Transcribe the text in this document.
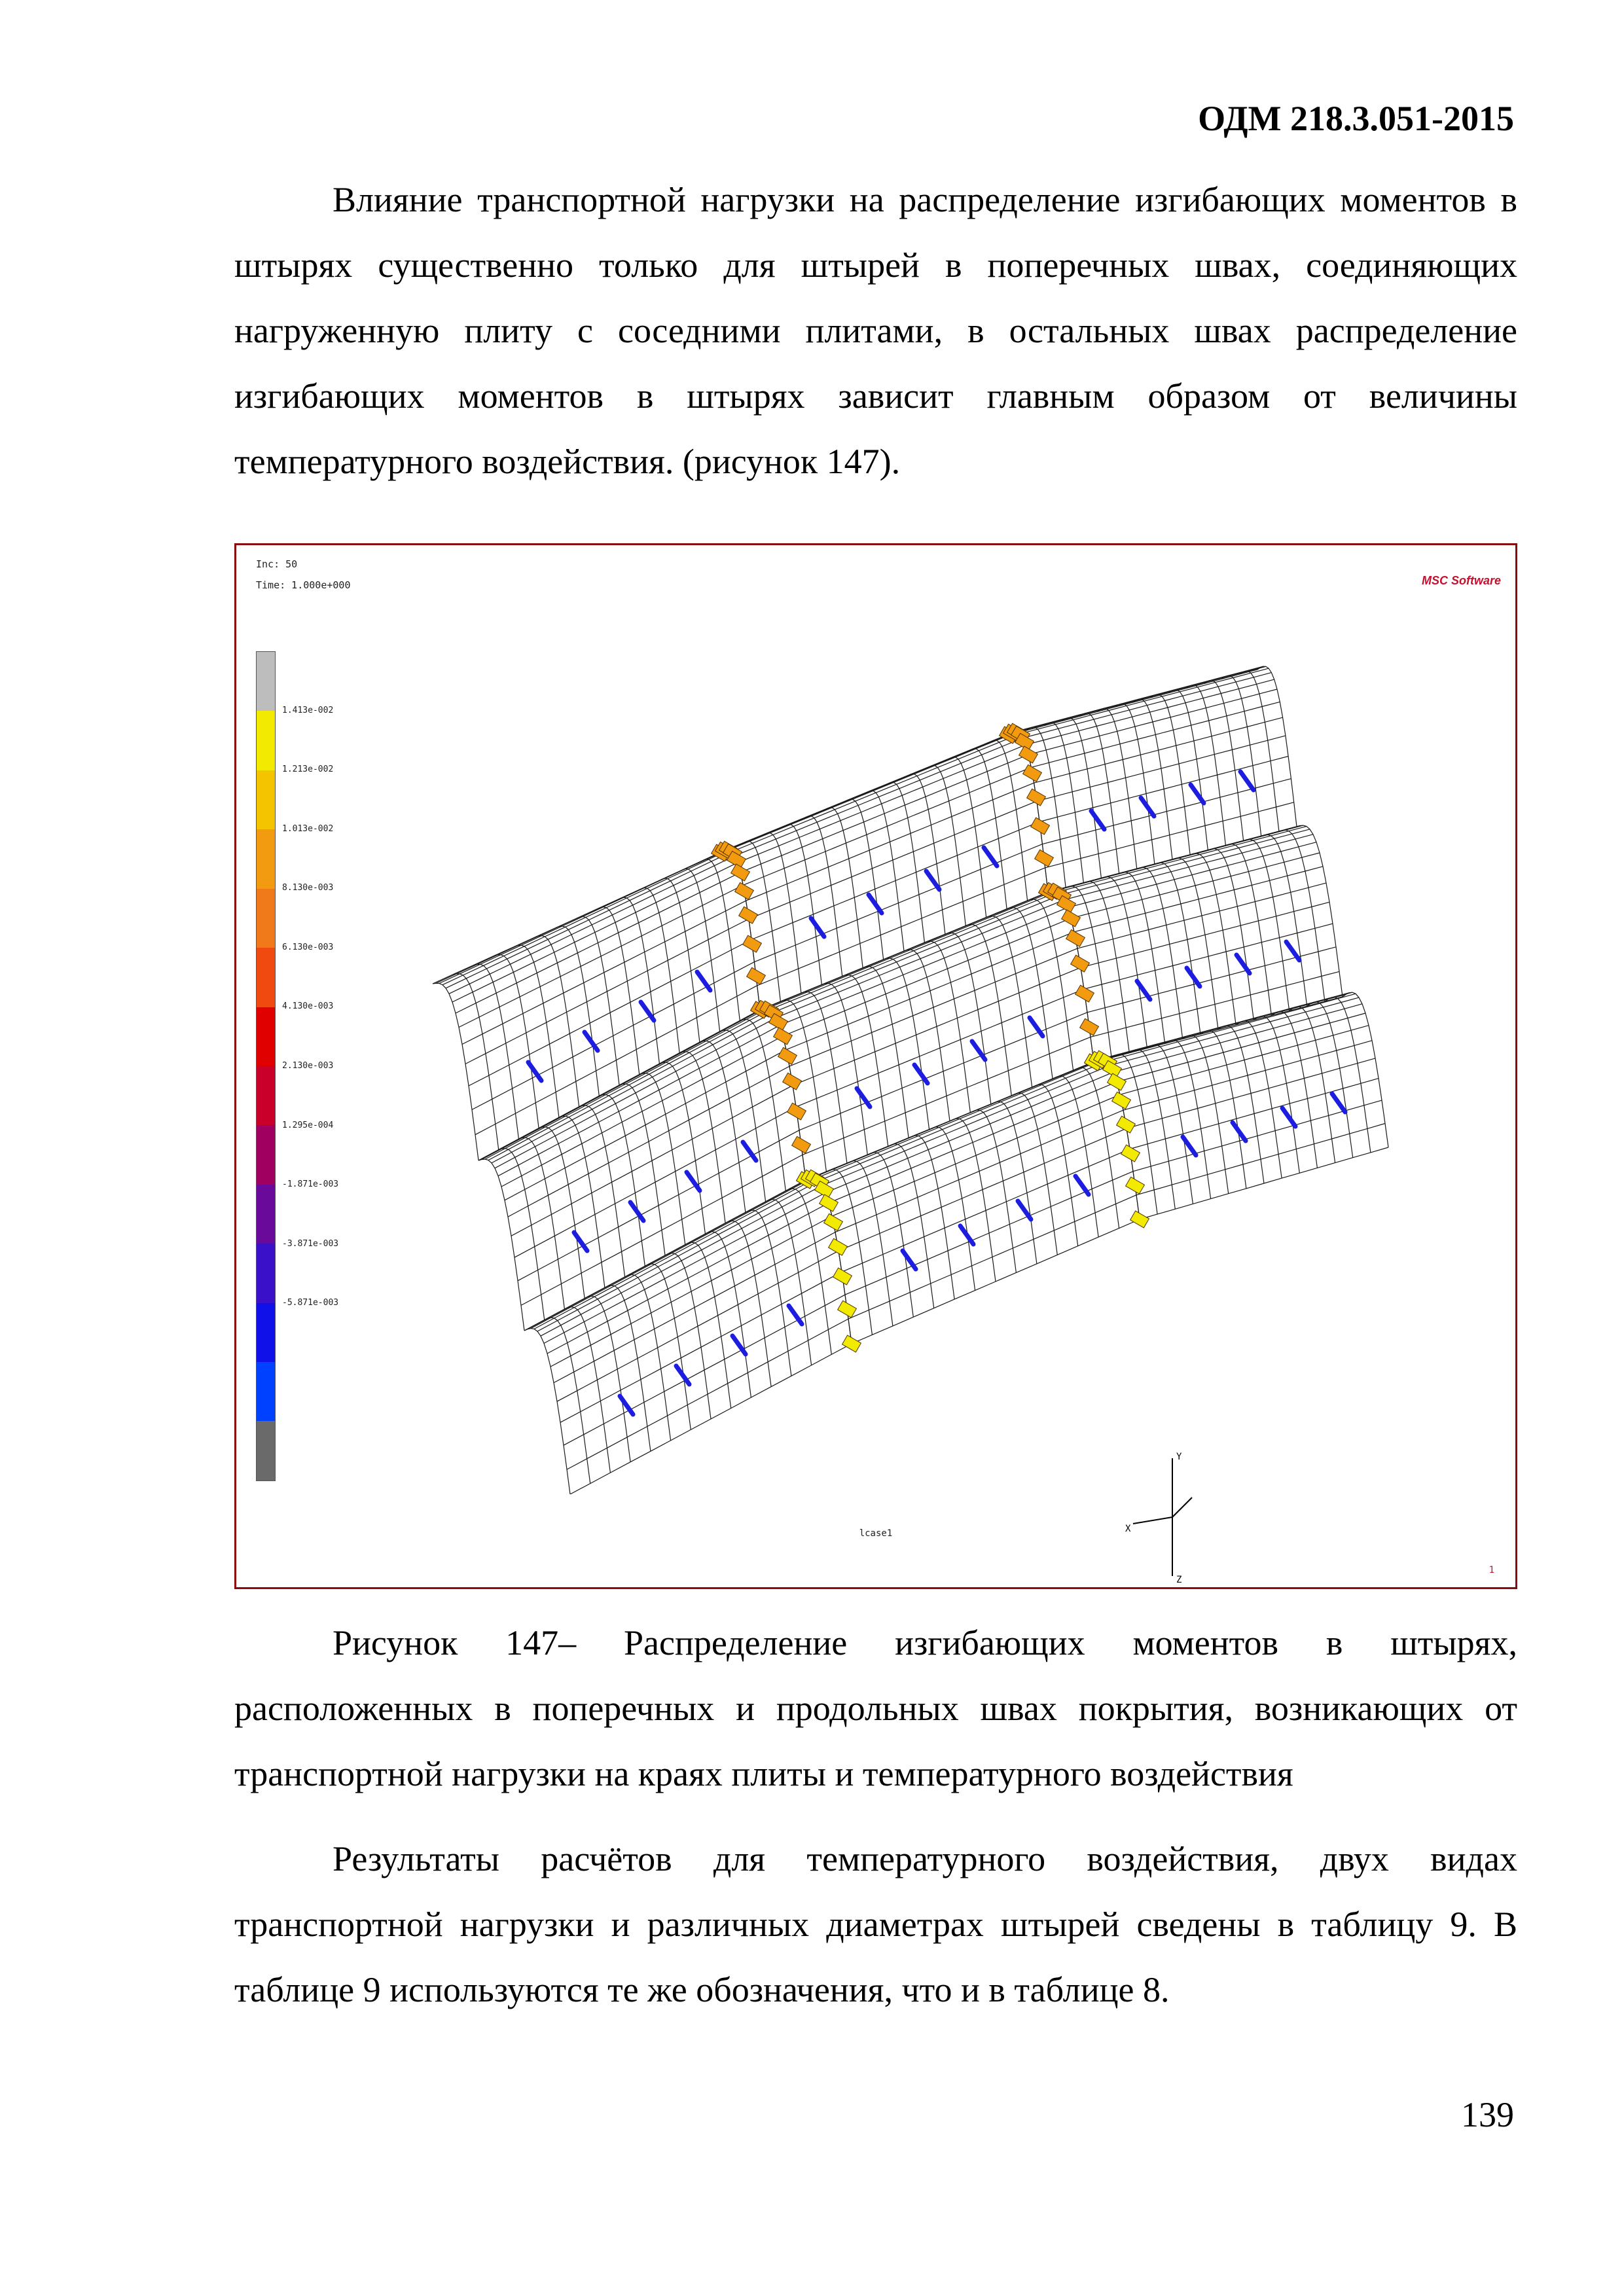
ОДМ 218.3.051-2015

Влияние транспортной нагрузки на распределение изгибающих моментов в штырях существенно только для штырей в поперечных швах, соединяющих нагруженную плиту с соседними плитами, в остальных швах распределение изгибающих моментов в штырях зависит главным образом от величины температурного воздействия. (рисунок 147).

Inc: 50
Time: 1.000e+000	MSC Software
1.413e-002
1.213e-002
1.013e-002
8.130e-003
6.130e-003
4.130e-003
2.130e-003
1.295e-004
-1.871e-003
-3.871e-003
-5.871e-003
Y
X
Z
lcase1
1

Рисунок 147– Распределение изгибающих моментов в штырях, расположенных в поперечных и продольных швах покрытия, возникающих от транспортной нагрузки на краях плиты и температурного воздействия

Результаты расчётов для температурного воздействия, двух видах транспортной нагрузки и различных диаметрах штырей сведены в таблицу 9. В таблице 9 используются те же обозначения, что и в таблице 8.

139
